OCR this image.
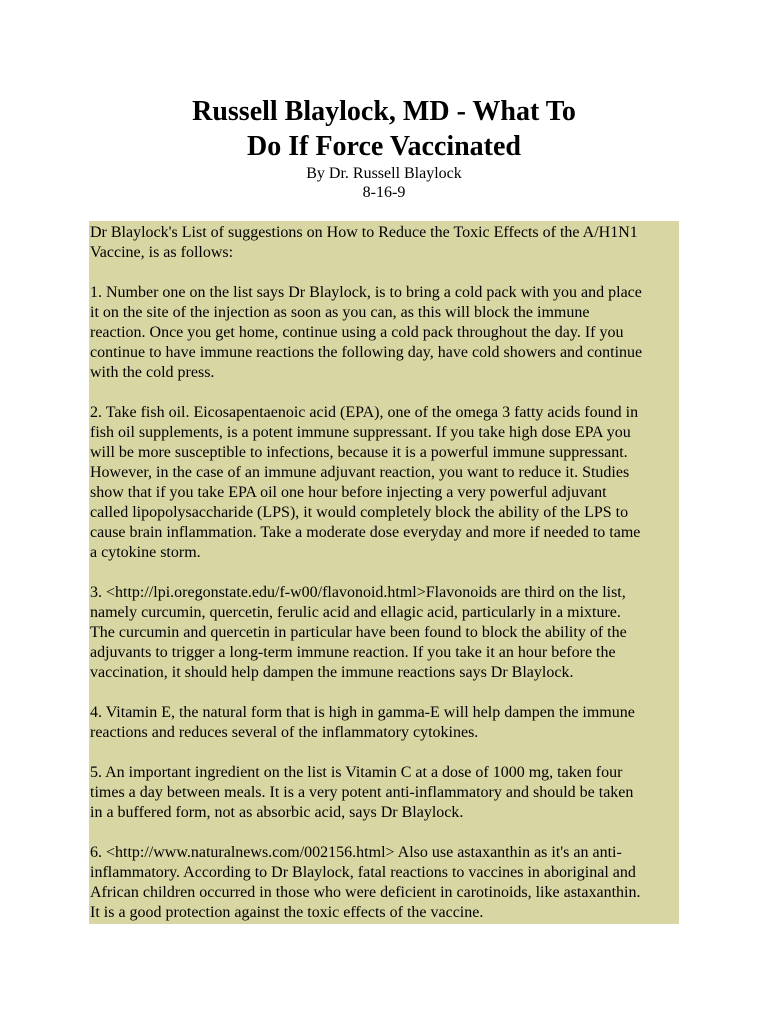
Russell Blaylock, MD - What To
Do If Force Vaccinated
By Dr. Russell Blaylock
8-16-9

Dr Blaylock's List of suggestions on How to Reduce the Toxic Effects of the A/H1N1
Vaccine, is as follows:

1. Number one on the list says Dr Blaylock, is to bring a cold pack with you and place
it on the site of the injection as soon as you can, as this will block the immune
reaction. Once you get home, continue using a cold pack throughout the day. If you
continue to have immune reactions the following day, have cold showers and continue
with the cold press.

2. Take fish oil. Eicosapentaenoic acid (EPA), one of the omega 3 fatty acids found in
fish oil supplements, is a potent immune suppressant. If you take high dose EPA you
will be more susceptible to infections, because it is a powerful immune suppressant.
However, in the case of an immune adjuvant reaction, you want to reduce it. Studies
show that if you take EPA oil one hour before injecting a very powerful adjuvant
called lipopolysaccharide (LPS), it would completely block the ability of the LPS to
cause brain inflammation. Take a moderate dose everyday and more if needed to tame
a cytokine storm.

3. <http://lpi.oregonstate.edu/f-w00/flavonoid.html>Flavonoids are third on the list,
namely curcumin, quercetin, ferulic acid and ellagic acid, particularly in a mixture.
The curcumin and quercetin in particular have been found to block the ability of the
adjuvants to trigger a long-term immune reaction. If you take it an hour before the
vaccination, it should help dampen the immune reactions says Dr Blaylock.

4. Vitamin E, the natural form that is high in gamma-E will help dampen the immune
reactions and reduces several of the inflammatory cytokines.

5. An important ingredient on the list is Vitamin C at a dose of 1000 mg, taken four
times a day between meals. It is a very potent anti-inflammatory and should be taken
in a buffered form, not as absorbic acid, says Dr Blaylock.

6. <http://www.naturalnews.com/002156.html> Also use astaxanthin as it's an anti-
inflammatory. According to Dr Blaylock, fatal reactions to vaccines in aboriginal and
African children occurred in those who were deficient in carotinoids, like astaxanthin.
It is a good protection against the toxic effects of the vaccine.
